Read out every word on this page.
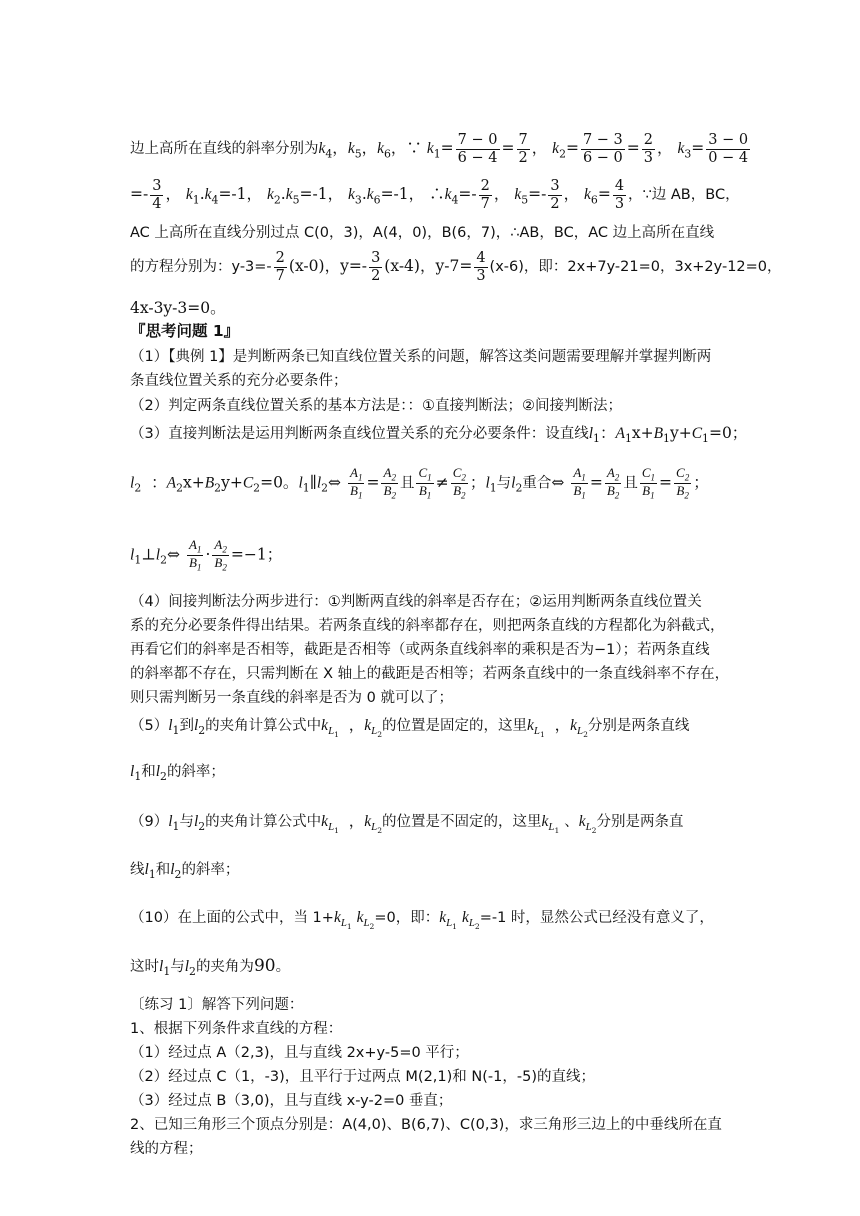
边上高所在直线的斜率分别为$k_4$，$k_5$，$k_6$，∵ $k_1= \frac{7 - 0}{6 - 4} = \frac{7}{2}$ ， $k_2= \frac{7 - 3}{6 - 0} = \frac{2}{3}$ ， $k_3= \frac{3 - 0}{0 - 4}$
=- $\frac{3}{4}$ ， $k_1.k_4=-1$， $k_2.k_5=-1$， $k_3.k_6=-1$， $\therefore k_4=- \frac{2}{7}$ ， $k_5=- \frac{3}{2}$ ， $k_6= \frac{4}{3}$ ，∵边 AB，BC，
AC 上高所在直线分别过点 C(0，3)，A(4，0)，B(6，7)，∴AB，BC，AC 边上高所在直线
的方程分别为：$y-3=- \frac{2}{7} (x-0)$，$y=- \frac{3}{2} (x-4)$，$y-7= \frac{4}{3} (x-6)$，即：2x+7y-21=0，3x+2y-12=0，
4x-3y-3=0。
『思考问题 1』
（1）【典例 1】是判断两条已知直线位置关系的问题，解答这类问题需要理解并掌握判断两
条直线位置关系的充分必要条件；
（2）判定两条直线位置关系的基本方法是：：①直接判断法；②间接判断法；
（3）直接判断法是运用判断两条直线位置关系的充分必要条件：设直线$l_1$：$A_1x+B_1y+C_1=0$；
$l_2$ ：$A_2x+B_2y+C_2=0$。$l_1\parallel l_2\Leftrightarrow \frac{A_1}{B_1} = \frac{A_2}{B_2}$ 且 $\frac{C_1}{B_1} \ne \frac{C_2}{B_2}$ ；$l_1$与$l_2$重合⇔ $\frac{A_1}{B_1} = \frac{A_2}{B_2}$ 且 $\frac{C_1}{B_1} = \frac{C_2}{B_2}$ ；
$l_1\perp l_2\Leftrightarrow \frac{A_1}{B_1} \cdot \frac{A_2}{B_2} =-1$；
（4）间接判断法分两步进行：①判断两直线的斜率是否存在；②运用判断两条直线位置关
系的充分必要条件得出结果。若两条直线的斜率都存在，则把两条直线的方程都化为斜截式，
再看它们的斜率是否相等，截距是否相等（或两条直线斜率的乘积是否为−1）；若两条直线
的斜率都不存在，只需判断在 X 轴上的截距是否相等；若两条直线中的一条直线斜率不存在，
则只需判断另一条直线的斜率是否为 0 就可以了；
$(5)l_1$到$l_2$的夹角计算公式中$k_{L_1}$  ，$k_{L_2}$的位置是固定的，这里$k_{L_1}$  ，$k_{L_2}$分别是两条直线
$l_1$和$l_2$的斜率；
$(9)l_1$与$l_2$的夹角计算公式中$k_{L_1}$  ，$k_{L_2}$的位置是不固定的，这里$k_{L_1}$ 、$k_{L_2}$分别是两条直
线$l_1$和$l_2$的斜率；
（10）在上面的公式中，当 $1+k_{L_1}$ $k_{L_2}=0$，即：$k_{L_1}$ $k_{L_2}=-1$ 时，显然公式已经没有意义了，
这时$l_1$与$l_2$的夹角为90。
〔练习 1〕解答下列问题：
1、根据下列条件求直线的方程：
（1）经过点 A（2,3)，且与直线 2x+y-5=0 平行；
（2）经过点 C（1，-3)，且平行于过两点 M(2,1)和 N(-1，-5)的直线；
（3）经过点 B（3,0)，且与直线 x-y-2=0 垂直；
2、已知三角形三个顶点分别是：A(4,0)、B(6,7)、C(0,3)，求三角形三边上的中垂线所在直
线的方程；
